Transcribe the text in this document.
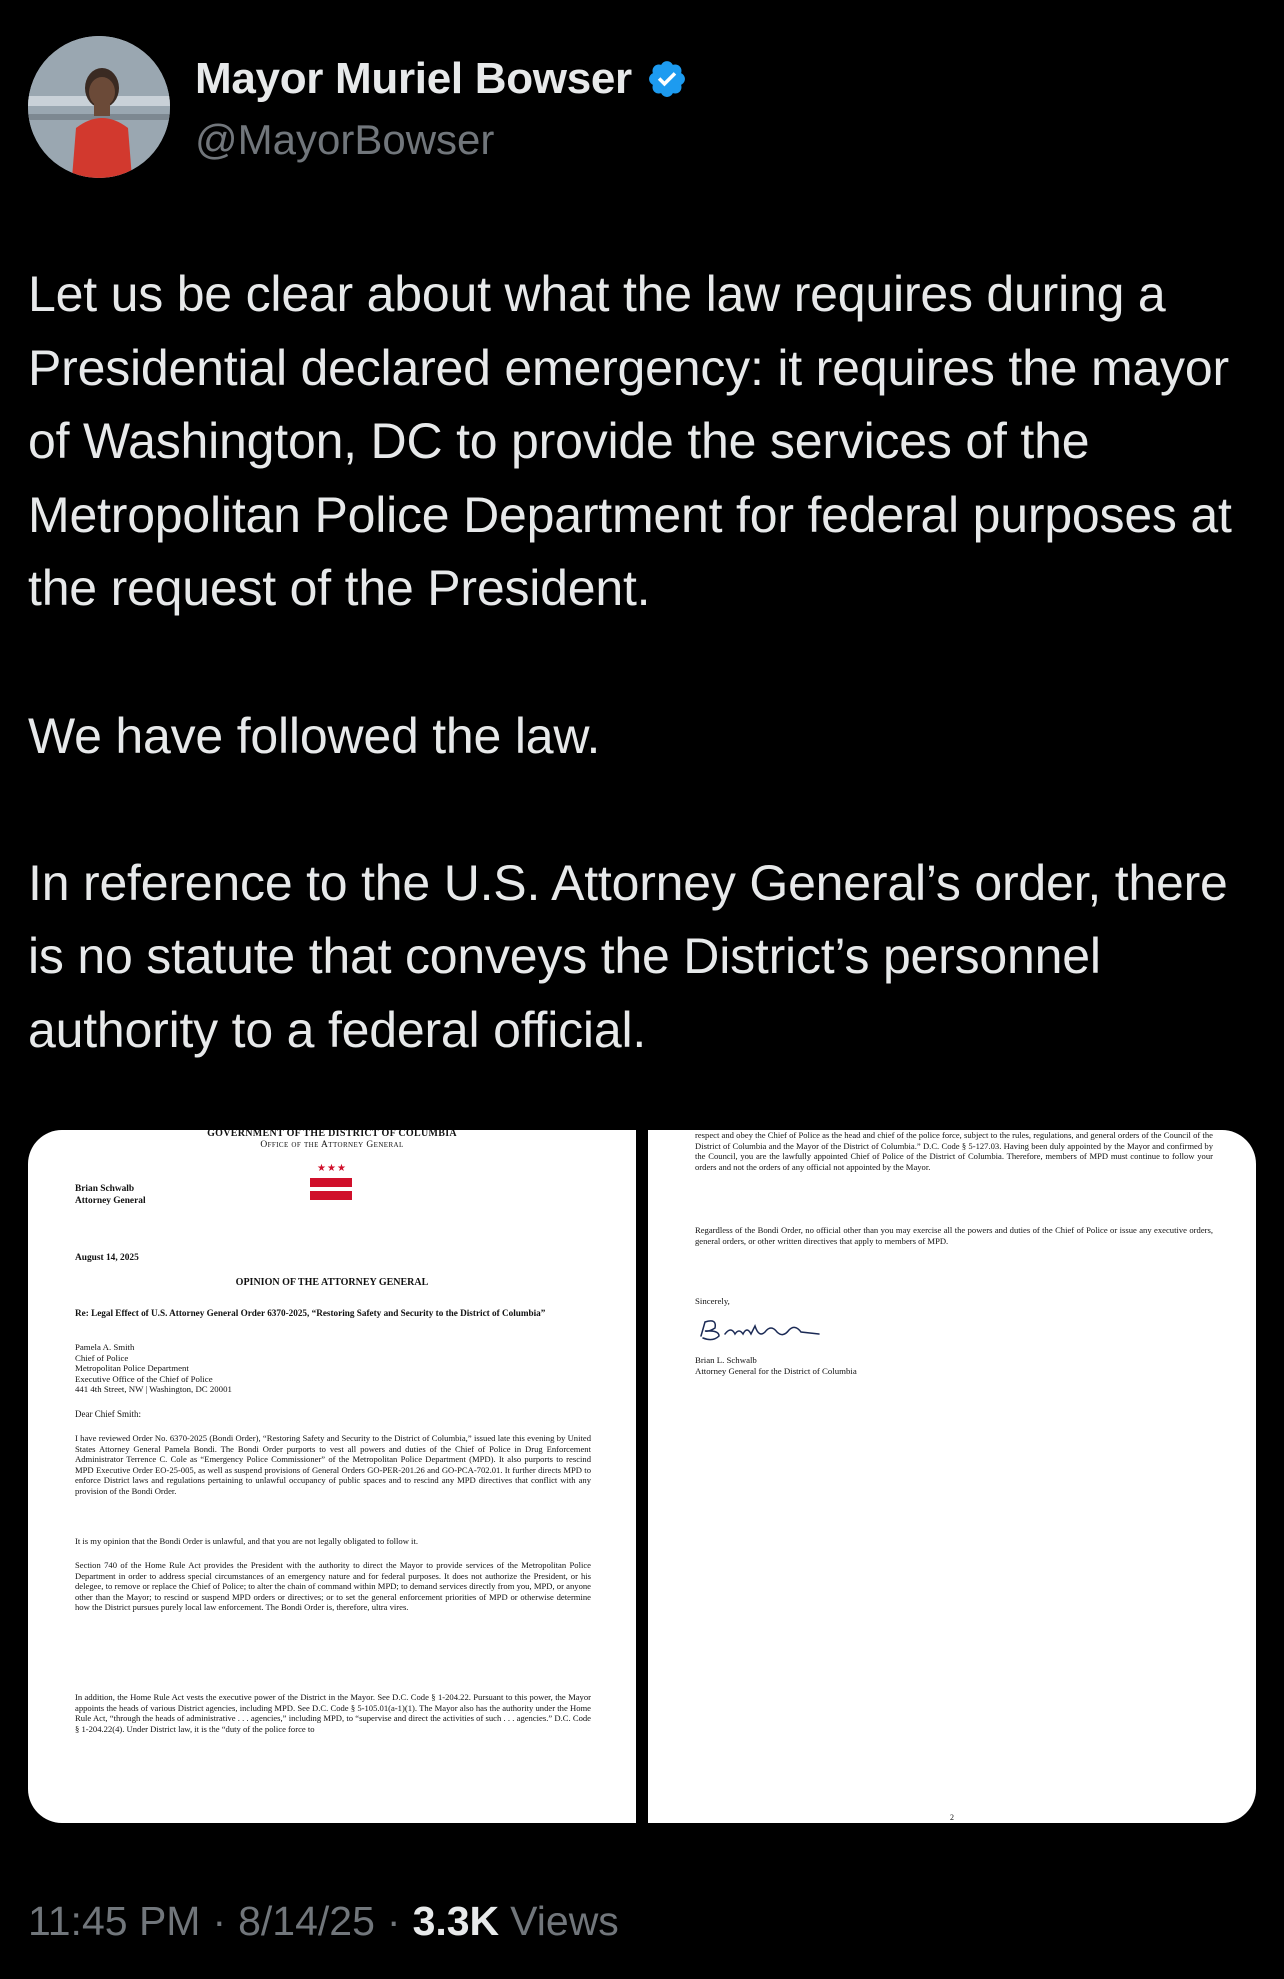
Mayor Muriel Bowser
@MayorBowser

Let us be clear about what the law requires during a Presidential declared emergency: it requires the mayor of Washington, DC to provide the services of the Metropolitan Police Department for federal purposes at the request of the President.

We have followed the law.

In reference to the U.S. Attorney General’s order, there is no statute that conveys the District’s personnel authority to a federal official.

GOVERNMENT OF THE DISTRICT OF COLUMBIA
Office of the Attorney General
★ ★ ★
Brian Schwalb
Attorney General
August 14, 2025
OPINION OF THE ATTORNEY GENERAL
Re: Legal Effect of U.S. Attorney General Order 6370-2025, “Restoring Safety and Security to the District of Columbia”
Pamela A. Smith
Chief of Police
Metropolitan Police Department
Executive Office of the Chief of Police
441 4th Street, NW | Washington, DC 20001
Dear Chief Smith:
I have reviewed Order No. 6370-2025 (Bondi Order), “Restoring Safety and Security to the District of Columbia,” issued late this evening by United States Attorney General Pamela Bondi. The Bondi Order purports to vest all powers and duties of the Chief of Police in Drug Enforcement Administrator Terrence C. Cole as “Emergency Police Commissioner” of the Metropolitan Police Department (MPD). It also purports to rescind MPD Executive Order EO-25-005, as well as suspend provisions of General Orders GO-PER-201.26 and GO-PCA-702.01. It further directs MPD to enforce District laws and regulations pertaining to unlawful occupancy of public spaces and to rescind any MPD directives that conflict with any provision of the Bondi Order.
It is my opinion that the Bondi Order is unlawful, and that you are not legally obligated to follow it.
Section 740 of the Home Rule Act provides the President with the authority to direct the Mayor to provide services of the Metropolitan Police Department in order to address special circumstances of an emergency nature and for federal purposes. It does not authorize the President, or his delegee, to remove or replace the Chief of Police; to alter the chain of command within MPD; to demand services directly from you, MPD, or anyone other than the Mayor; to rescind or suspend MPD orders or directives; or to set the general enforcement priorities of MPD or otherwise determine how the District pursues purely local law enforcement. The Bondi Order is, therefore, ultra vires.
In addition, the Home Rule Act vests the executive power of the District in the Mayor. See D.C. Code § 1-204.22. Pursuant to this power, the Mayor appoints the heads of various District agencies, including MPD. See D.C. Code § 5-105.01(a-1)(1). The Mayor also has the authority under the Home Rule Act, “through the heads of administrative . . . agencies,” including MPD, to “supervise and direct the activities of such . . . agencies.” D.C. Code § 1-204.22(4). Under District law, it is the “duty of the police force to
respect and obey the Chief of Police as the head and chief of the police force, subject to the rules, regulations, and general orders of the Council of the District of Columbia and the Mayor of the District of Columbia.” D.C. Code § 5-127.03. Having been duly appointed by the Mayor and confirmed by the Council, you are the lawfully appointed Chief of Police of the District of Columbia. Therefore, members of MPD must continue to follow your orders and not the orders of any official not appointed by the Mayor.
Regardless of the Bondi Order, no official other than you may exercise all the powers and duties of the Chief of Police or issue any executive orders, general orders, or other written directives that apply to members of MPD.
Sincerely,
Brian L. Schwalb
Attorney General for the District of Columbia
2
11:45 PM · 8/14/25 · 3.3K Views
